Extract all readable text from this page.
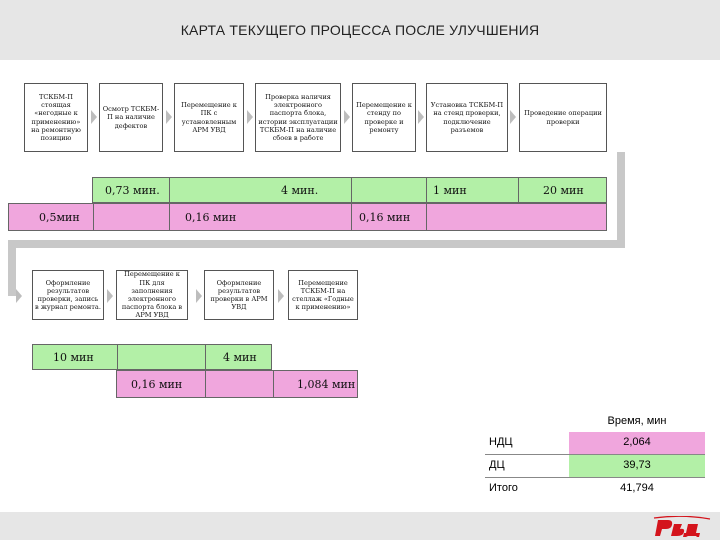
КАРТА ТЕКУЩЕГО ПРОЦЕССА ПОСЛЕ УЛУЧШЕНИЯ
ТСКБМ-П стоящая «негодные к применению» на ремонтную позицию
Осмотр ТСКБМ-П на наличие дефектов
Перемещение к ПК с установленным АРМ УВД
Проверка наличия электронного паспорта блока, истории эксплуатации ТСКБМ-П на наличие сбоев в работе
Перемещение к стенду по проверке и ремонту
Установка ТСКБМ-П на стенд проверки, подключение разъемов
Проведение операции проверки
0,73 мин.	4 мин.	1 мин	20 мин
0,5мин	0,16 мин	0,16 мин
Оформление результатов проверки, запись в журнал ремонта.
Перемещение к ПК для заполнения электронного паспорта блока в АРМ УВД
Оформление результатов проверки в АРМ УВД
Перемещение ТСКБМ-П на стеллаж «Годные к применению»
10 мин	4 мин
0,16 мин	1,084 мин
Время, мин
НДЦ	2,064
ДЦ	39,73
Итого	41,794
